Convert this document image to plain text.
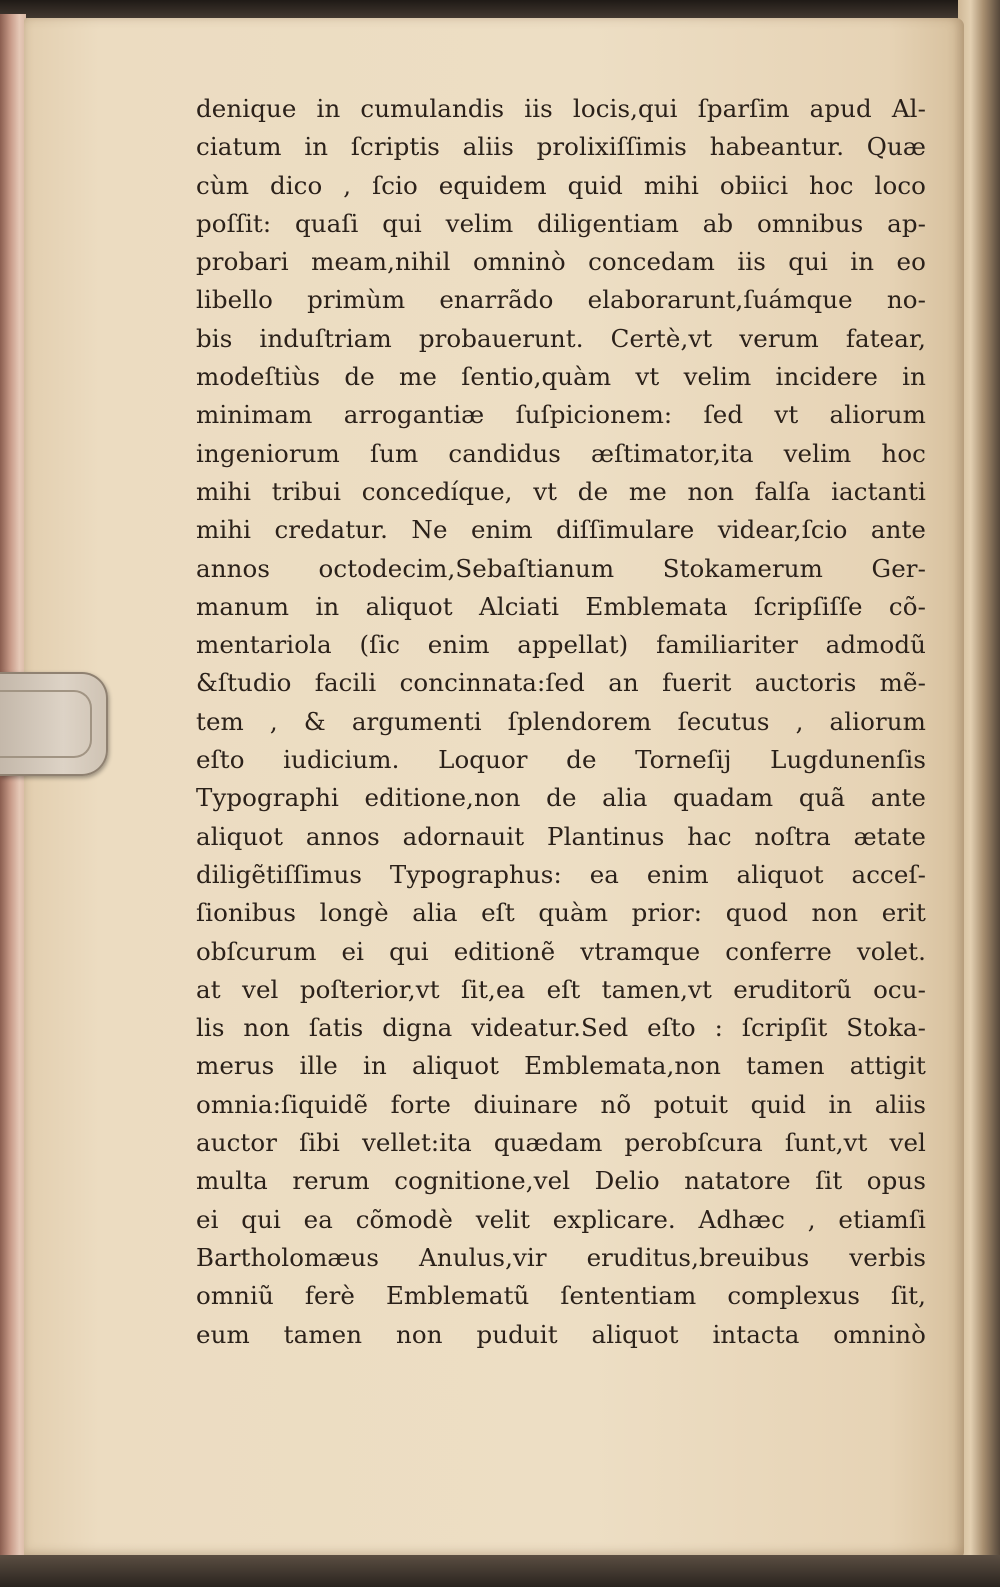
denique in cumulandis iis locis,qui ſparſim apud Al-
ciatum in ſcriptis aliis prolixiſſimis habeantur. Quæ
cùm dico , ſcio equidem quid mihi obiici hoc loco
poſſit: quaſi qui velim diligentiam ab omnibus ap-
probari meam,nihil omninò concedam iis qui in eo
libello primùm enarrãdo elaborarunt,ſuámque no-
bis induſtriam probauerunt. Certè,vt verum fatear,
modeſtiùs de me ſentio,quàm vt velim incidere in
minimam arrogantiæ ſuſpicionem: ſed vt aliorum
ingeniorum ſum candidus æſtimator,ita velim hoc
mihi tribui concedíque, vt de me non falſa iactanti
mihi credatur. Ne enim diſſimulare videar,ſcio ante
annos octodecim,Sebaſtianum Stokamerum Ger-
manum in aliquot Alciati Emblemata ſcripſiſſe cõ-
mentariola (ſic enim appellat) familiariter admodũ
&ſtudio facili concinnata:ſed an fuerit auctoris mẽ-
tem , & argumenti ſplendorem ſecutus , aliorum
eſto iudicium. Loquor de Torneſij Lugdunenſis
Typographi editione,non de alia quadam quã ante
aliquot annos adornauit Plantinus hac noſtra ætate
diligẽtiſſimus Typographus: ea enim aliquot acceſ-
ſionibus longè alia eſt quàm prior: quod non erit
obſcurum ei qui editionẽ vtramque conferre volet.
at vel poſterior,vt ſit,ea eſt tamen,vt eruditorũ ocu-
lis non ſatis digna videatur.Sed eſto : ſcripſit Stoka-
merus ille in aliquot Emblemata,non tamen attigit
omnia:ſiquidẽ forte diuinare nõ potuit quid in aliis
auctor ſibi vellet:ita quædam perobſcura ſunt,vt vel
multa rerum cognitione,vel Delio natatore ſit opus
ei qui ea cõmodè velit explicare. Adhæc , etiamſi
Bartholomæus Anulus,vir eruditus,breuibus verbis
omniũ ferè Emblematũ ſententiam complexus ſit,
eum tamen non puduit aliquot intacta omninò
